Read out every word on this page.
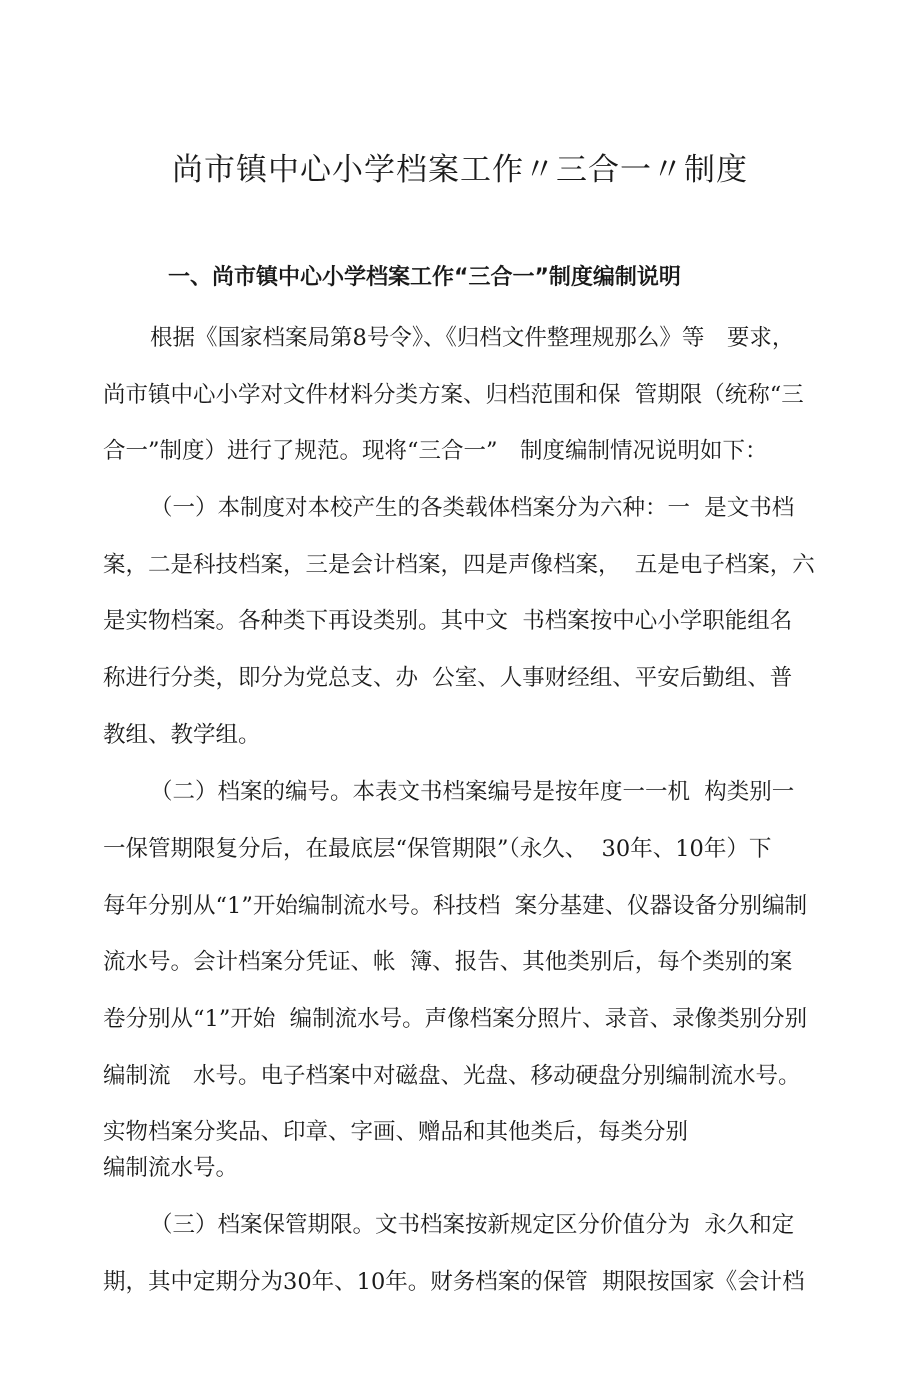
尚市镇中心小学档案工作〃三合一〃制度
一、尚市镇中心小学档案工作“三合一”制度编制说明

根据《国家档案局第8号令》、《归档文件整理规那么》等　要求，

尚市镇中心小学对文件材料分类方案、归档范围和保  管期限（统称“三

合一”制度）进行了规范。现将“三合一”　制度编制情况说明如下：

（一）本制度对本校产生的各类载体档案分为六种：一  是文书档

案，二是科技档案，三是会计档案，四是声像档案，  五是电子档案，六

是实物档案。各种类下再设类别。其中文  书档案按中心小学职能组名

称进行分类，即分为党总支、办  公室、人事财经组、平安后勤组、普

教组、教学组。

（二）档案的编号。本表文书档案编号是按年度一一机  构类别一

一保管期限复分后，在最底层“保管期限”（永久、  30年、10年）下

每年分别从“1”开始编制流水号。科技档  案分基建、仪器设备分别编制

流水号。会计档案分凭证、帐  簿、报告、其他类别后，每个类别的案

卷分别从“1”开始  编制流水号。声像档案分照片、录音、录像类别分别

编制流　水号。电子档案中对磁盘、光盘、移动硬盘分别编制流水号。

实物档案分奖品、印章、字画、赠品和其他类后，每类分别

编制流水号。

（三）档案保管期限。文书档案按新规定区分价值分为  永久和定

期，其中定期分为30年、10年。财务档案的保管  期限按国家《会计档
